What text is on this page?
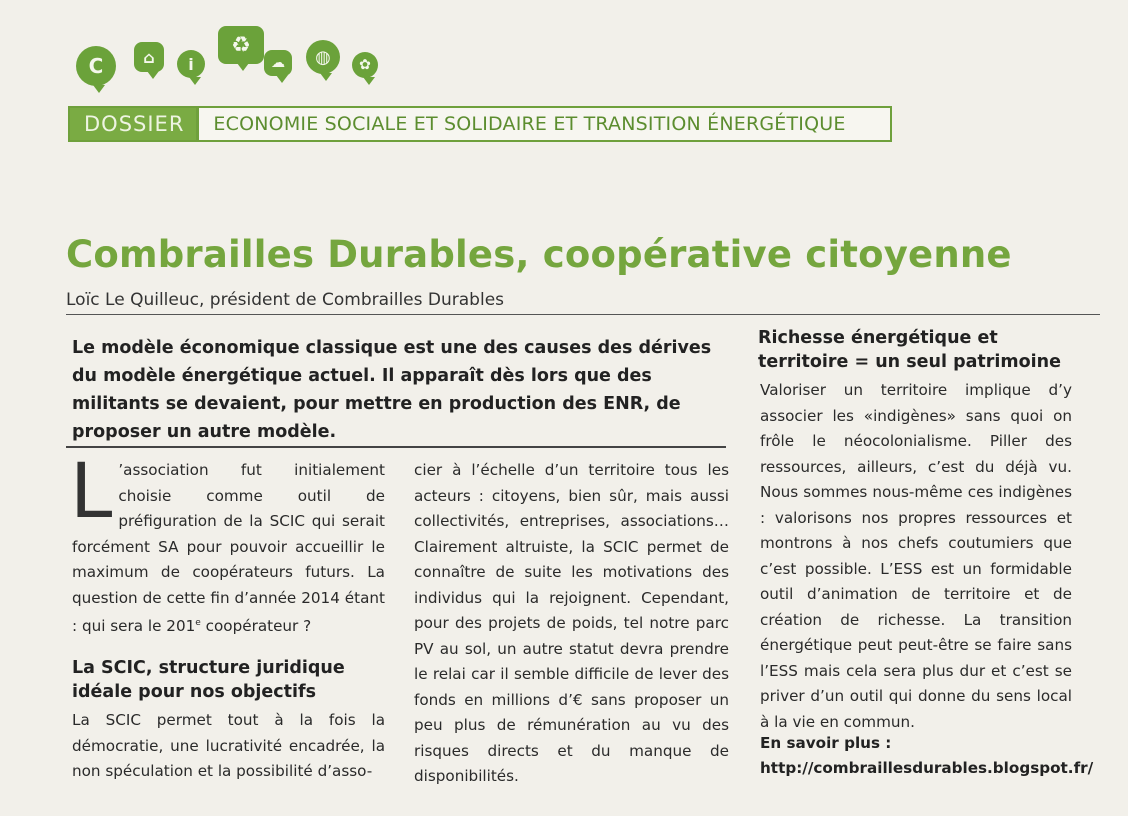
C	⌂	i
♻
☁	◍	✿
DOSSIER	ECONOMIE SOCIALE ET SOLIDAIRE ET TRANSITION ÉNERGÉTIQUE
Combrailles Durables, coopérative citoyenne
Loïc Le Quilleuc, président de Combrailles Durables
Le modèle économique classique est une des causes des dérives du modèle énergétique actuel. Il apparaît dès lors que des militants se devaient, pour mettre en production des ENR, de proposer un autre modèle.

L ’association fut initialement choisie comme outil de préfiguration de la SCIC qui serait forcément SA pour pouvoir accueillir le maximum de coopérateurs futurs. La question de cette fin d’année 2014 étant : qui sera le 201e coopérateur ?

La SCIC, structure juridique idéale pour nos objectifs

La SCIC permet tout à la fois la démocratie, une lucrativité encadrée, la non spéculation et la possibilité d’asso-

cier à l’échelle d’un territoire tous les acteurs : citoyens, bien sûr, mais aussi collectivités, entreprises, associations… Clairement altruiste, la SCIC permet de connaître de suite les motivations des individus qui la rejoignent. Cependant, pour des projets de poids, tel notre parc PV au sol, un autre statut devra prendre le relai car il semble difficile de lever des fonds en millions d’€ sans proposer un peu plus de rémunération au vu des risques directs et du manque de disponibilités.

Richesse énergétique et territoire = un seul patrimoine

Valoriser un territoire implique d’y associer les «indigènes» sans quoi on frôle le néocolonialisme. Piller des ressources, ailleurs, c’est du déjà vu. Nous sommes nous-même ces indigènes : valorisons nos propres ressources et montrons à nos chefs coutumiers que c’est possible. L’ESS est un formidable outil d’animation de territoire et de création de richesse. La transition énergétique peut peut-être se faire sans l’ESS mais cela sera plus dur et c’est se priver d’un outil qui donne du sens local à la vie en commun.

En savoir plus :
http://combraillesdurables.blogspot.fr/
